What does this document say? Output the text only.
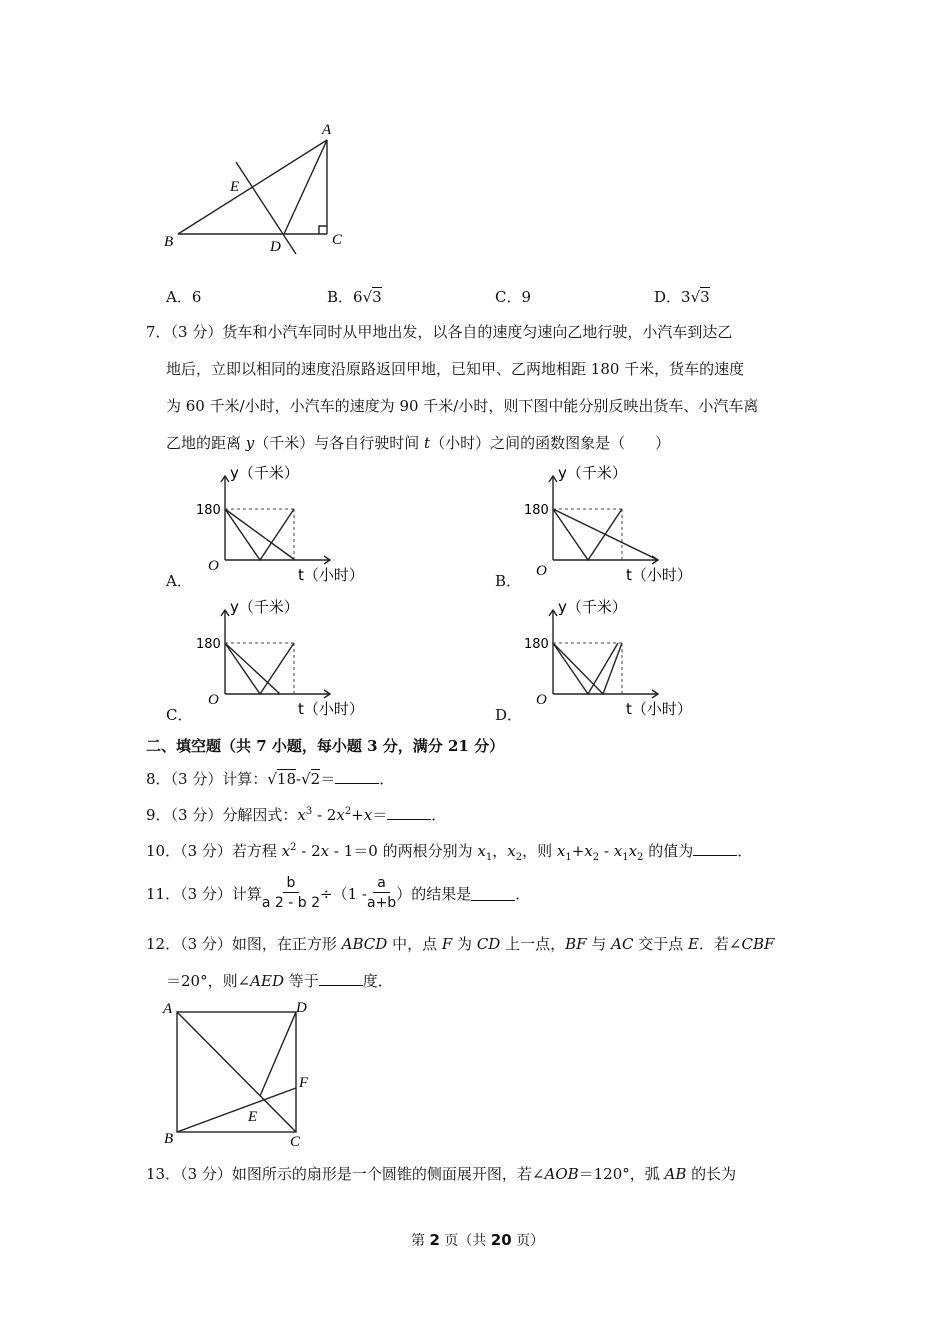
A
B	C
D
E
A．6	B．6√3	C．9	D．3√3
7．（3 分）货车和小汽车同时从甲地出发，以各自的速度匀速向乙地行驶，小汽车到达乙
地后，立即以相同的速度沿原路返回甲地，已知甲、乙两地相距 180 千米，货车的速度
为 60 千米/小时，小汽车的速度为 90 千米/小时，则下图中能分别反映出货车、小汽车离
乙地的距离 y（千米）与各自行驶时间 t（小时）之间的函数图象是（　　）
A．
y（千米）
180
O	t（小时）	B．
y（千米）
180
O	t（小时）
C．
y（千米）
180
O	t（小时）	D．
y（千米）
180
O	t（小时）
二、填空题（共 7 小题，每小题 3 分，满分 21 分）
8．（3 分）计算：√18-√2＝	．
9．（3 分）分解因式：$x^3 - 2x^2+x=$	．
10．（3 分）若方程 $x^2 - 2x - 1=0$ 的两根分别为 $x_1$，$x_2$，则 $x_1+x_2 - x_1x_2$ 的值为	．
11．（3 分）计算 $\frac{b}{a 2 - b 2} \div(1 - \frac{a}{a+b}$ ）的结果是	．
12．（3 分）如图，在正方形 ABCD 中，点 F 为 CD 上一点，BF 与 AC 交于点 E．若∠CBF
＝20°，则∠AED 等于	度．
A
B	C
D
E
F
13．（3 分）如图所示的扇形是一个圆锥的侧面展开图，若∠AOB＝120°，弧 AB 的长为
第 2 页（共 20 页）
